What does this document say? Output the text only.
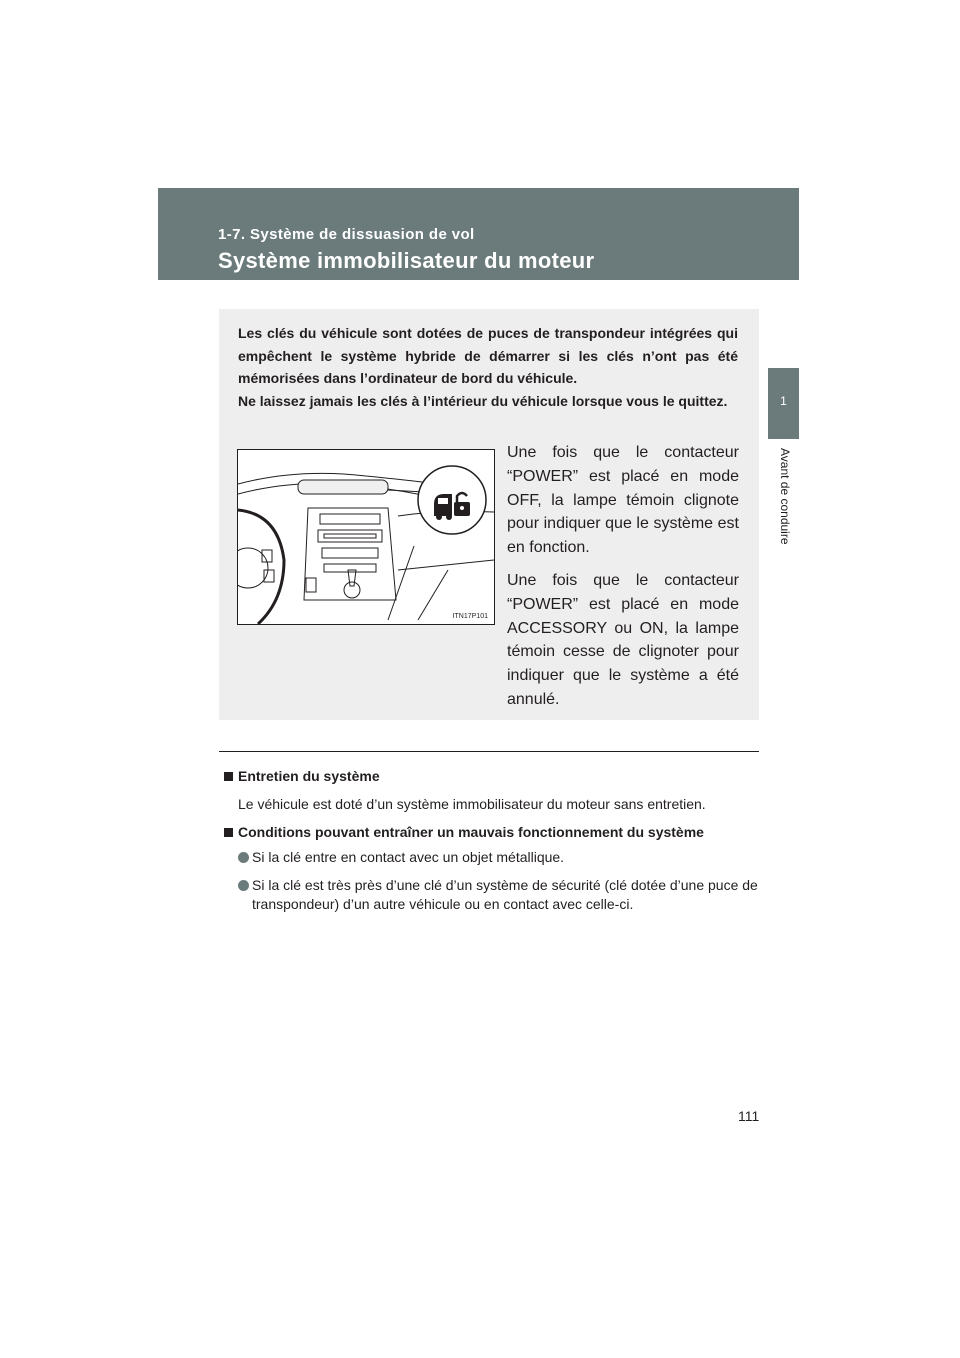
1-7. Système de dissuasion de vol
Système immobilisateur du moteur
1
Avant de conduire

Les clés du véhicule sont dotées de puces de transpondeur intégrées qui empêchent le système hybride de démarrer si les clés n’ont pas été mémorisées dans l’ordinateur de bord du véhicule.

Ne laissez jamais les clés à l’intérieur du véhicule lorsque vous le quittez.

ITN17P101

Une fois que le contacteur “POWER” est placé en mode OFF, la lampe témoin clignote pour indiquer que le système est en fonction.

Une fois que le contacteur “POWER” est placé en mode ACCESSORY ou ON, la lampe témoin cesse de clignoter pour indiquer que le système a été annulé.

Entretien du système
Le véhicule est doté d’un système immobilisateur du moteur sans entretien.
Conditions pouvant entraîner un mauvais fonctionnement du système
Si la clé entre en contact avec un objet métallique.
Si la clé est très près d’une clé d’un système de sécurité (clé dotée d’une puce de transpondeur) d’un autre véhicule ou en contact avec celle-ci.
111
